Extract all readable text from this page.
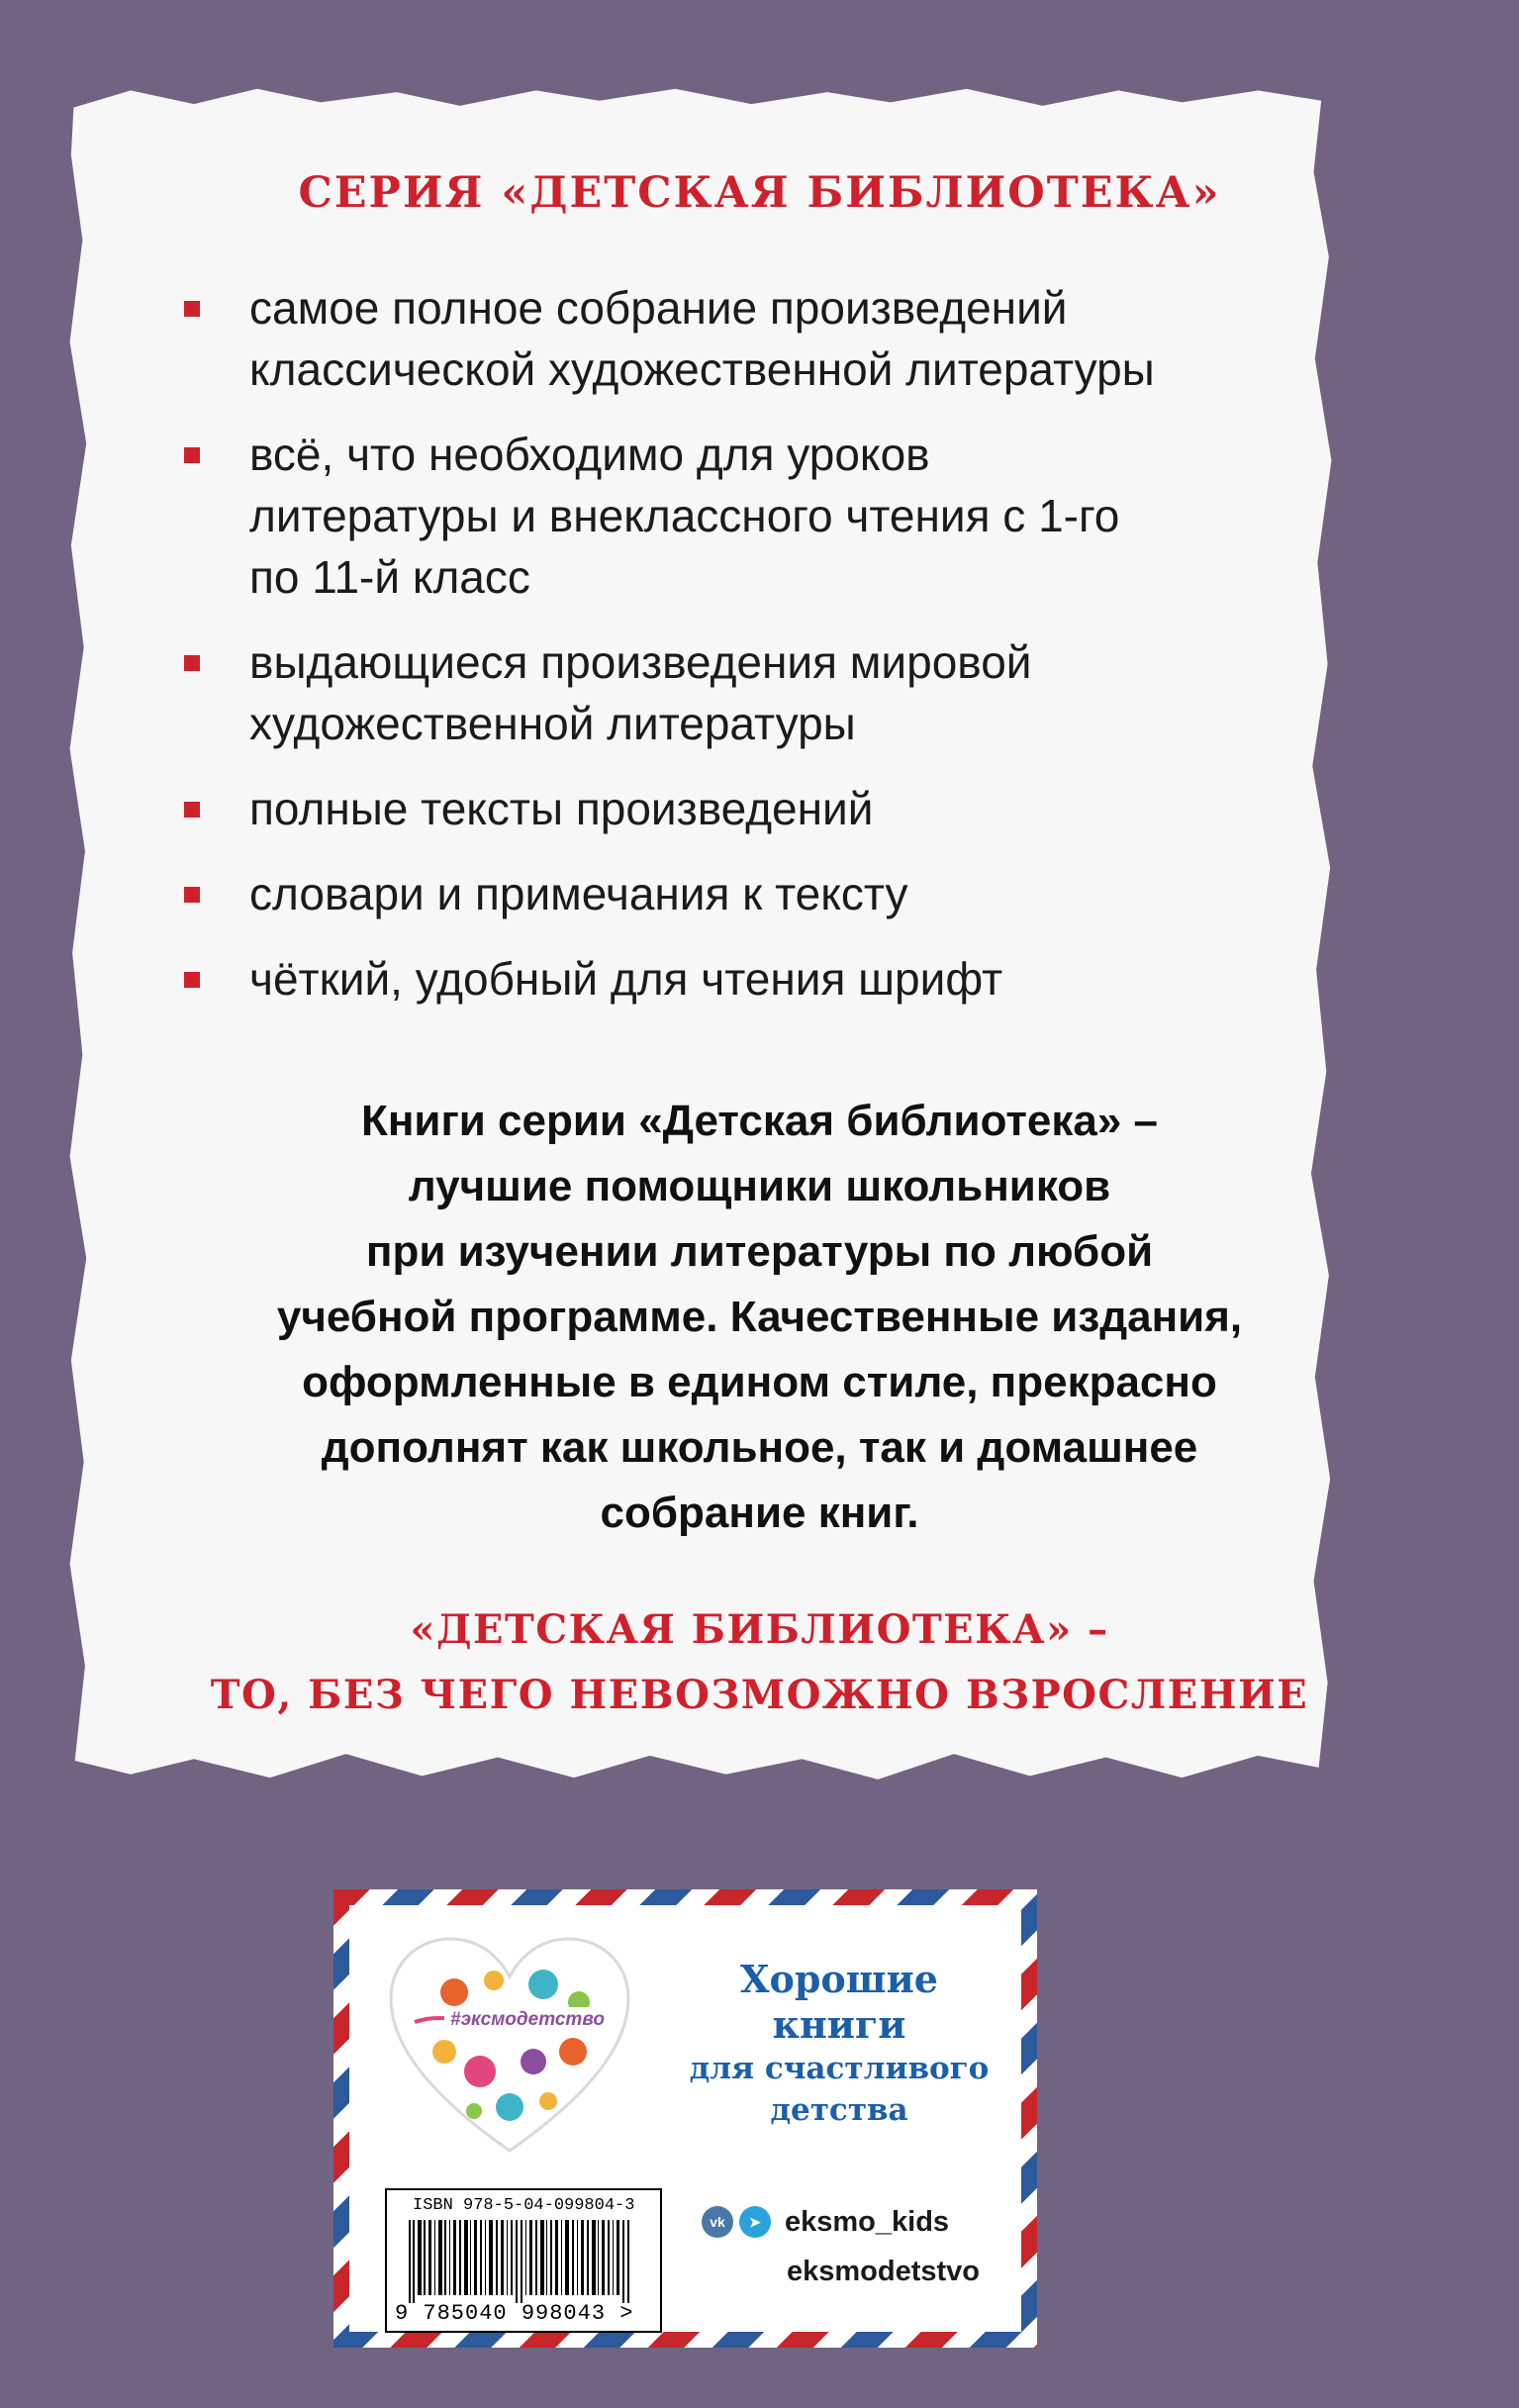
СЕРИЯ «ДЕТСКАЯ БИБЛИОТЕКА»
самое полное собрание произведений классической художественной литературы
всё, что необходимо для уроков литературы и внеклассного чтения с 1-го по 11-й класс
выдающиеся произведения мировой художественной литературы
полные тексты произведений
словари и примечания к тексту
чёткий, удобный для чтения шрифт
Книги серии «Детская библиотека» –
лучшие помощники школьников
при изучении литературы по любой
учебной программе. Качественные издания,
оформленные в едином стиле, прекрасно
дополнят как школьное, так и домашнее
собрание книг.
«ДЕТСКАЯ БИБЛИОТЕКА» –
ТО, БЕЗ ЧЕГО НЕВОЗМОЖНО ВЗРОСЛЕНИЕ
#эксмодетство
Хорошие
книги
для счастливого
детства
ISBN 978-5-04-099804-3
9 785040 998043 >
vk	➤ eksmo_kids
eksmodetstvo
